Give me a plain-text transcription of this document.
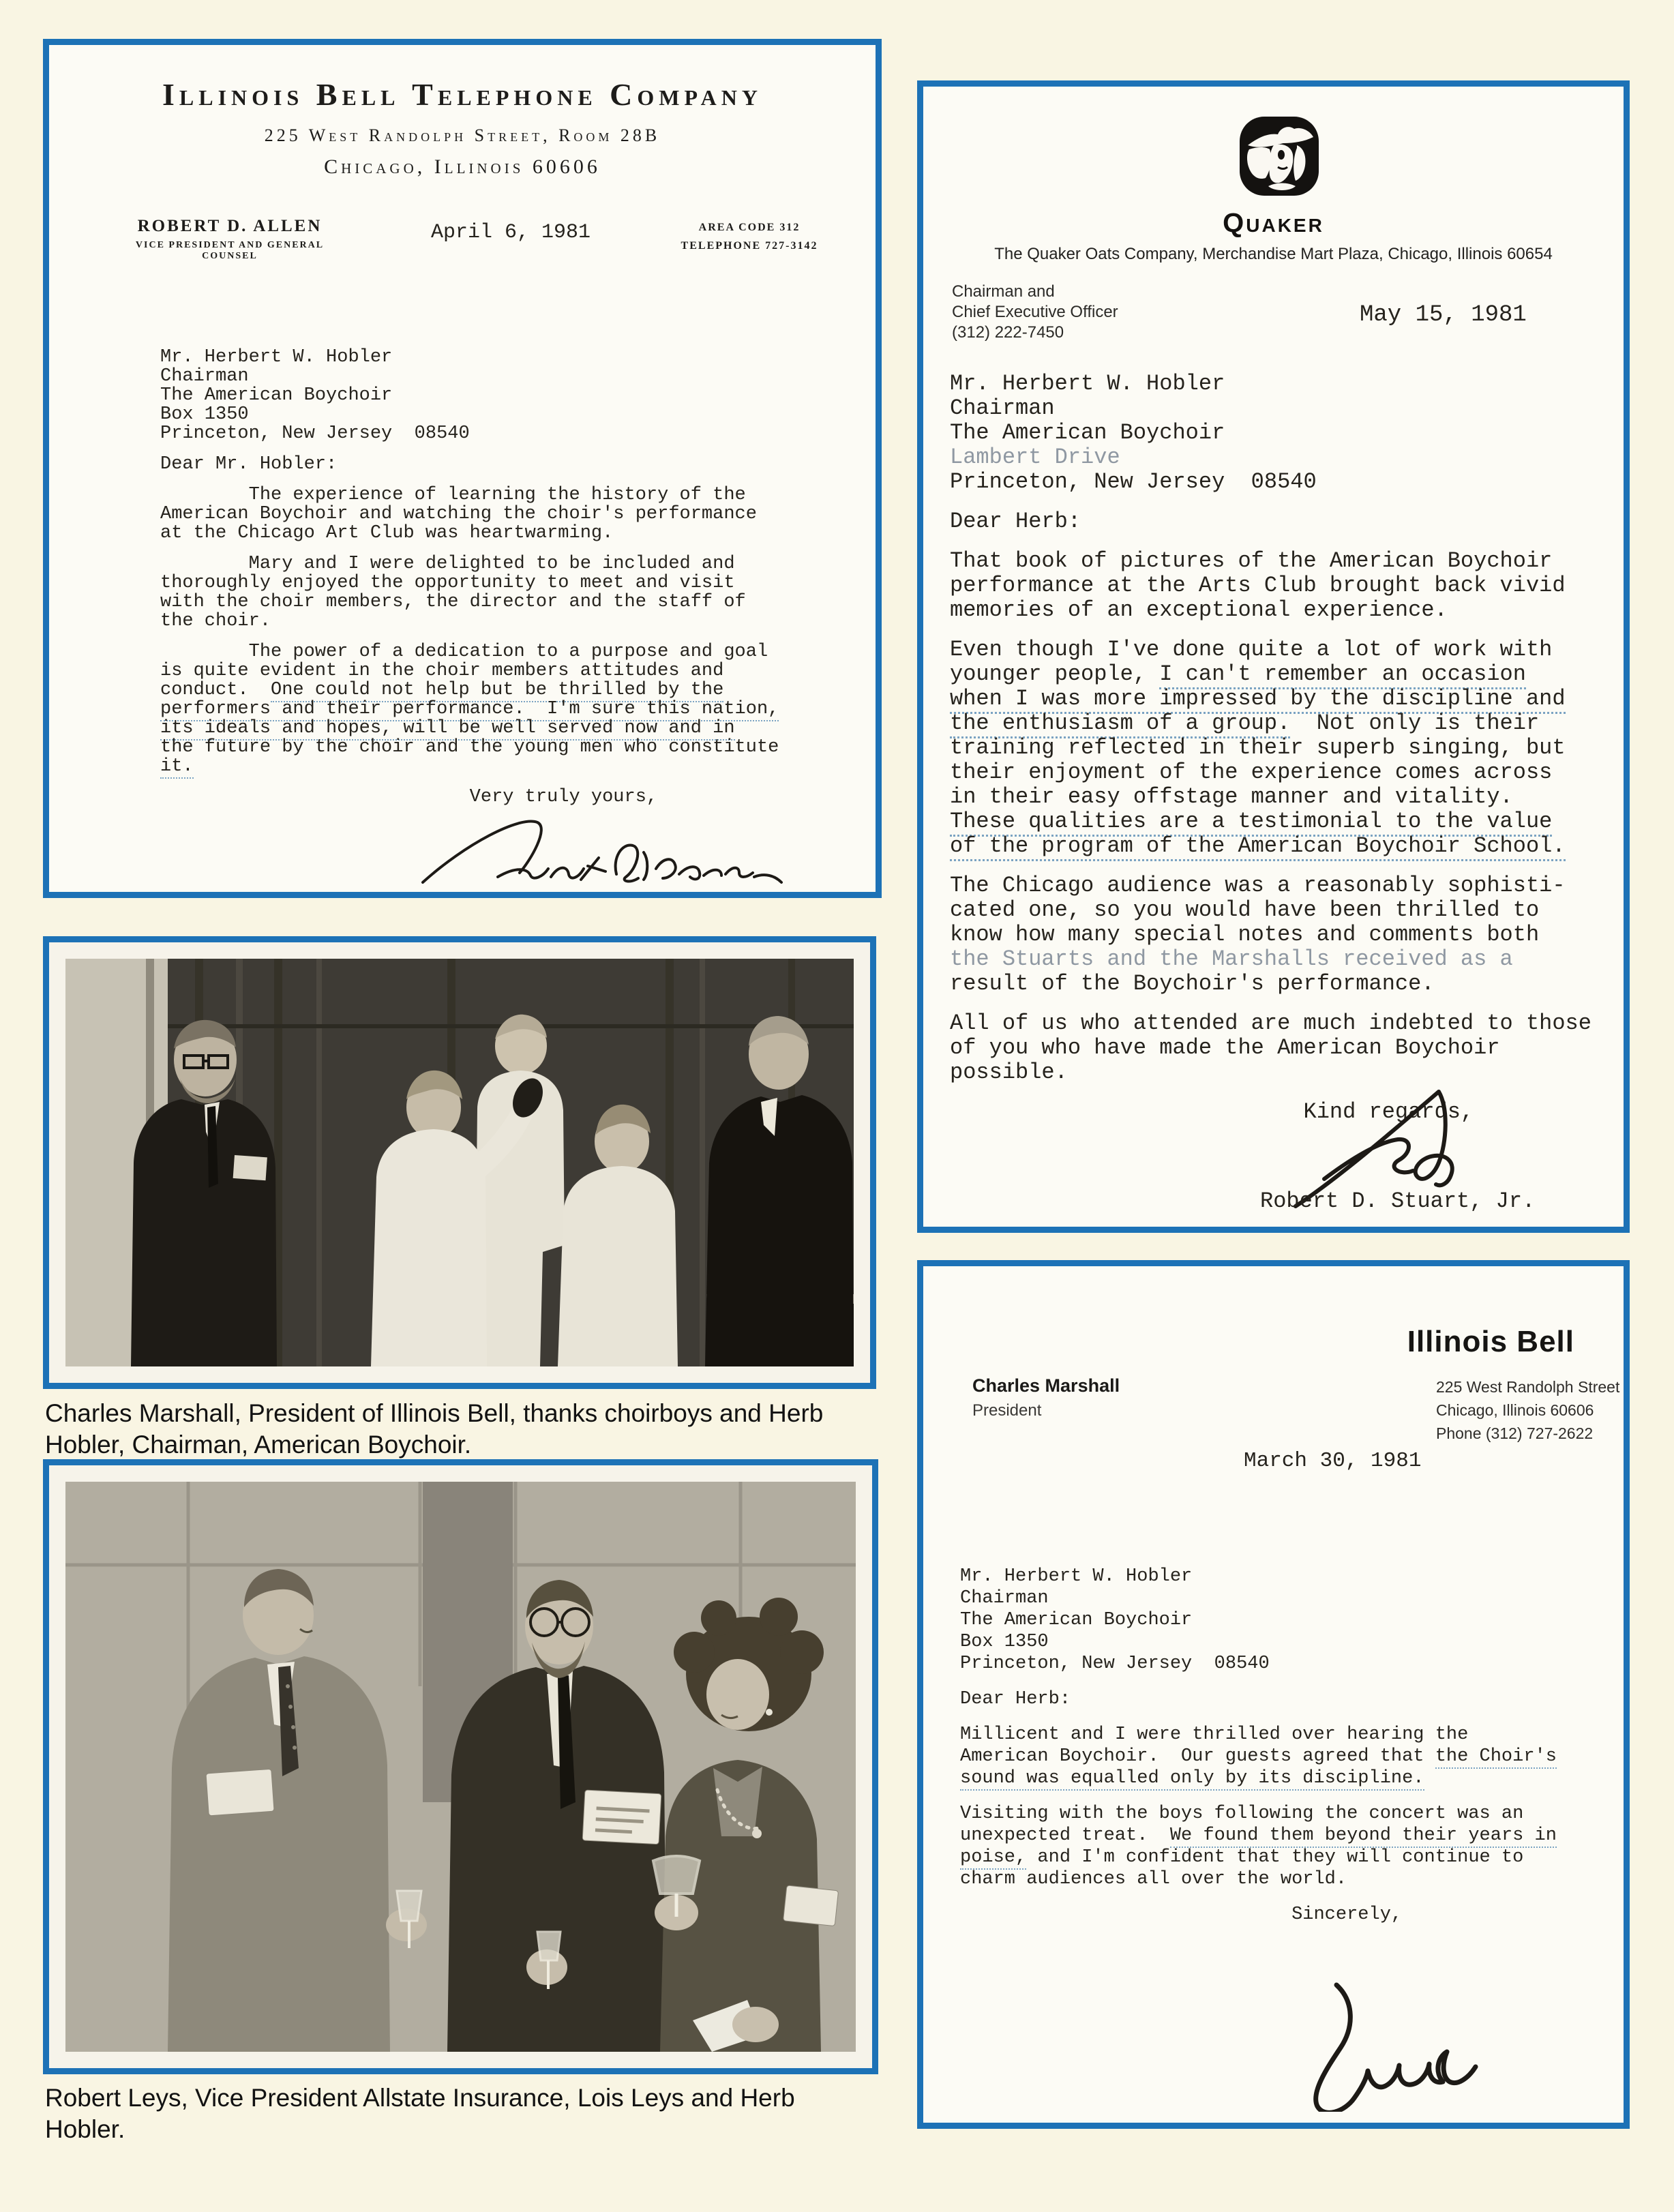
Illinois Bell Telephone Company
225 West Randolph Street, Room 28B
Chicago, Illinois 60606
ROBERT D. ALLEN
VICE PRESIDENT AND GENERAL COUNSEL
April 6, 1981	AREA CODE 312
TELEPHONE 727-3142
Mr. Herbert W. Hobler
Chairman
The American Boychoir
Box 1350
Princeton, New Jersey  08540
Dear Mr. Hobler:
The experience of learning the history of the
American Boychoir and watching the choir's performance
at the Chicago Art Club was heartwarming.
Mary and I were delighted to be included and
thoroughly enjoyed the opportunity to meet and visit
with the choir members, the director and the staff of
the choir.
The power of a dedication to a purpose and goal
is quite evident in the choir members attitudes and
conduct.  One could not help but be thrilled by the
performers and their performance.  I'm sure this nation,
its ideals and hopes, will be well served now and in
the future by the choir and the young men who constitute
it.
Very truly yours,

Charles Marshall, President of Illinois Bell, thanks choirboys and Herb Hobler, Chairman, American Boychoir.

Robert Leys, Vice President Allstate Insurance, Lois Leys and Herb Hobler.

Quaker
The Quaker Oats Company, Merchandise Mart Plaza, Chicago, Illinois 60654
Chairman and
Chief Executive Officer
(312) 222-7450
May 15, 1981
Mr. Herbert W. Hobler
Chairman
The American Boychoir
Lambert Drive
Princeton, New Jersey  08540
Dear Herb:
That book of pictures of the American Boychoir
performance at the Arts Club brought back vivid
memories of an exceptional experience.
Even though I've done quite a lot of work with
younger people, I can't remember an occasion
when I was more impressed by the discipline and
the enthusiasm of a group.  Not only is their
training reflected in their superb singing, but
their enjoyment of the experience comes across
in their easy offstage manner and vitality.
These qualities are a testimonial to the value
of the program of the American Boychoir School.
The Chicago audience was a reasonably sophisti-
cated one, so you would have been thrilled to
know how many special notes and comments both
the Stuarts and the Marshalls received as a
result of the Boychoir's performance.
All of us who attended are much indebted to those
of you who have made the American Boychoir
possible.
Kind regards,
Robert D. Stuart, Jr.
Illinois Bell
Charles Marshall
President
225 West Randolph Street
Chicago, Illinois 60606
Phone (312) 727-2622
March 30, 1981
Mr. Herbert W. Hobler
Chairman
The American Boychoir
Box 1350
Princeton, New Jersey  08540
Dear Herb:
Millicent and I were thrilled over hearing the
American Boychoir.  Our guests agreed that the Choir's
sound was equalled only by its discipline.
Visiting with the boys following the concert was an
unexpected treat.  We found them beyond their years in
poise, and I'm confident that they will continue to
charm audiences all over the world.
Sincerely,
